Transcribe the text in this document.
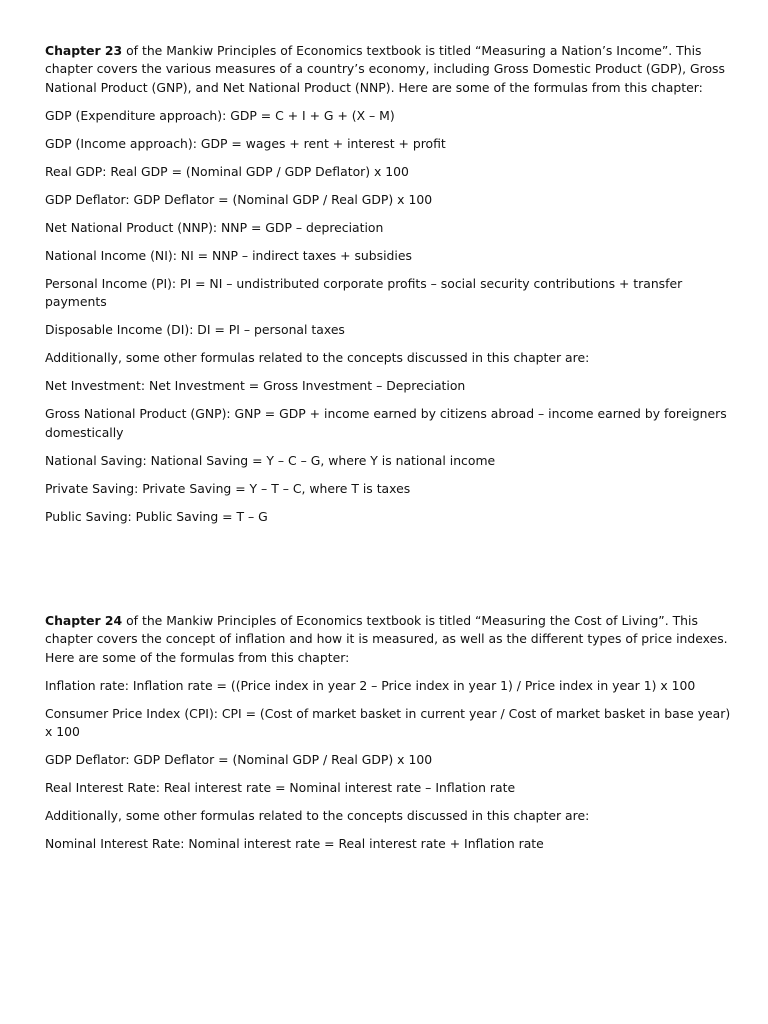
Chapter 23 of the Mankiw Principles of Economics textbook is titled “Measuring a Nation’s Income”. This chapter covers the various measures of a country’s economy, including Gross Domestic Product (GDP), Gross National Product (GNP), and Net National Product (NNP). Here are some of the formulas from this chapter:

GDP (Expenditure approach): GDP = C + I + G + (X – M)

GDP (Income approach): GDP = wages + rent + interest + profit

Real GDP: Real GDP = (Nominal GDP / GDP Deflator) x 100

GDP Deflator: GDP Deflator = (Nominal GDP / Real GDP) x 100

Net National Product (NNP): NNP = GDP – depreciation

National Income (NI): NI = NNP – indirect taxes + subsidies

Personal Income (PI): PI = NI – undistributed corporate profits – social security contributions + transfer payments

Disposable Income (DI): DI = PI – personal taxes

Additionally, some other formulas related to the concepts discussed in this chapter are:

Net Investment: Net Investment = Gross Investment – Depreciation

Gross National Product (GNP): GNP = GDP + income earned by citizens abroad – income earned by foreigners domestically

National Saving: National Saving = Y – C – G, where Y is national income

Private Saving: Private Saving = Y – T – C, where T is taxes

Public Saving: Public Saving = T – G

Chapter 24 of the Mankiw Principles of Economics textbook is titled “Measuring the Cost of Living”. This chapter covers the concept of inflation and how it is measured, as well as the different types of price indexes. Here are some of the formulas from this chapter:

Inflation rate: Inflation rate = ((Price index in year 2 – Price index in year 1) / Price index in year 1) x 100

Consumer Price Index (CPI): CPI = (Cost of market basket in current year / Cost of market basket in base year) x 100

GDP Deflator: GDP Deflator = (Nominal GDP / Real GDP) x 100

Real Interest Rate: Real interest rate = Nominal interest rate – Inflation rate

Additionally, some other formulas related to the concepts discussed in this chapter are:

Nominal Interest Rate: Nominal interest rate = Real interest rate + Inflation rate
